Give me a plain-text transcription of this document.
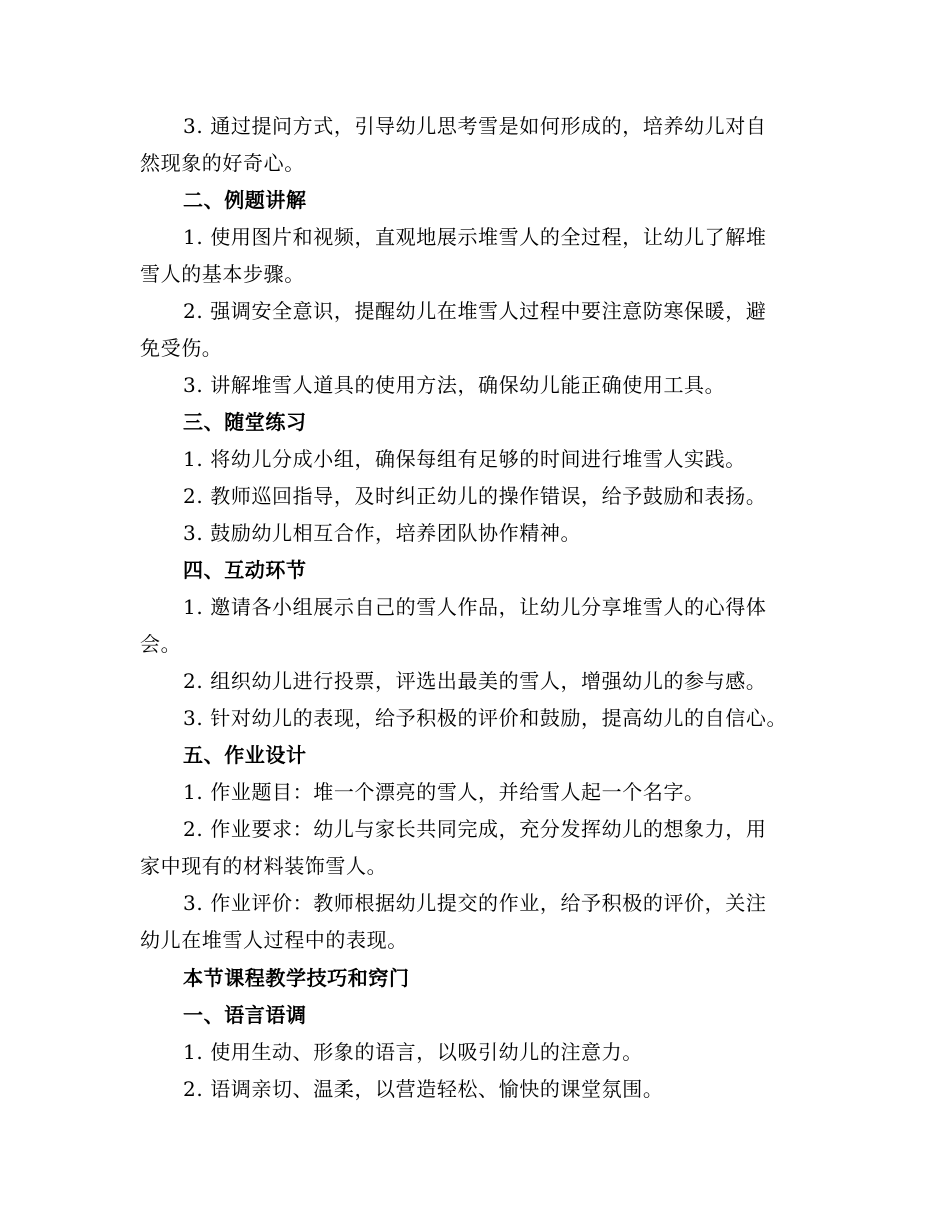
3. 通过提问方式，引导幼儿思考雪是如何形成的，培养幼儿对自
然现象的好奇心。
二、例题讲解
1. 使用图片和视频，直观地展示堆雪人的全过程，让幼儿了解堆
雪人的基本步骤。
2. 强调安全意识，提醒幼儿在堆雪人过程中要注意防寒保暖，避
免受伤。
3. 讲解堆雪人道具的使用方法，确保幼儿能正确使用工具。
三、随堂练习
1. 将幼儿分成小组，确保每组有足够的时间进行堆雪人实践。
2. 教师巡回指导，及时纠正幼儿的操作错误，给予鼓励和表扬。
3. 鼓励幼儿相互合作，培养团队协作精神。
四、互动环节
1. 邀请各小组展示自己的雪人作品，让幼儿分享堆雪人的心得体
会。
2. 组织幼儿进行投票，评选出最美的雪人，增强幼儿的参与感。
3. 针对幼儿的表现，给予积极的评价和鼓励，提高幼儿的自信心。
五、作业设计
1. 作业题目：堆一个漂亮的雪人，并给雪人起一个名字。
2. 作业要求：幼儿与家长共同完成，充分发挥幼儿的想象力，用
家中现有的材料装饰雪人。
3. 作业评价：教师根据幼儿提交的作业，给予积极的评价，关注
幼儿在堆雪人过程中的表现。
本节课程教学技巧和窍门
一、语言语调
1. 使用生动、形象的语言，以吸引幼儿的注意力。
2. 语调亲切、温柔，以营造轻松、愉快的课堂氛围。
